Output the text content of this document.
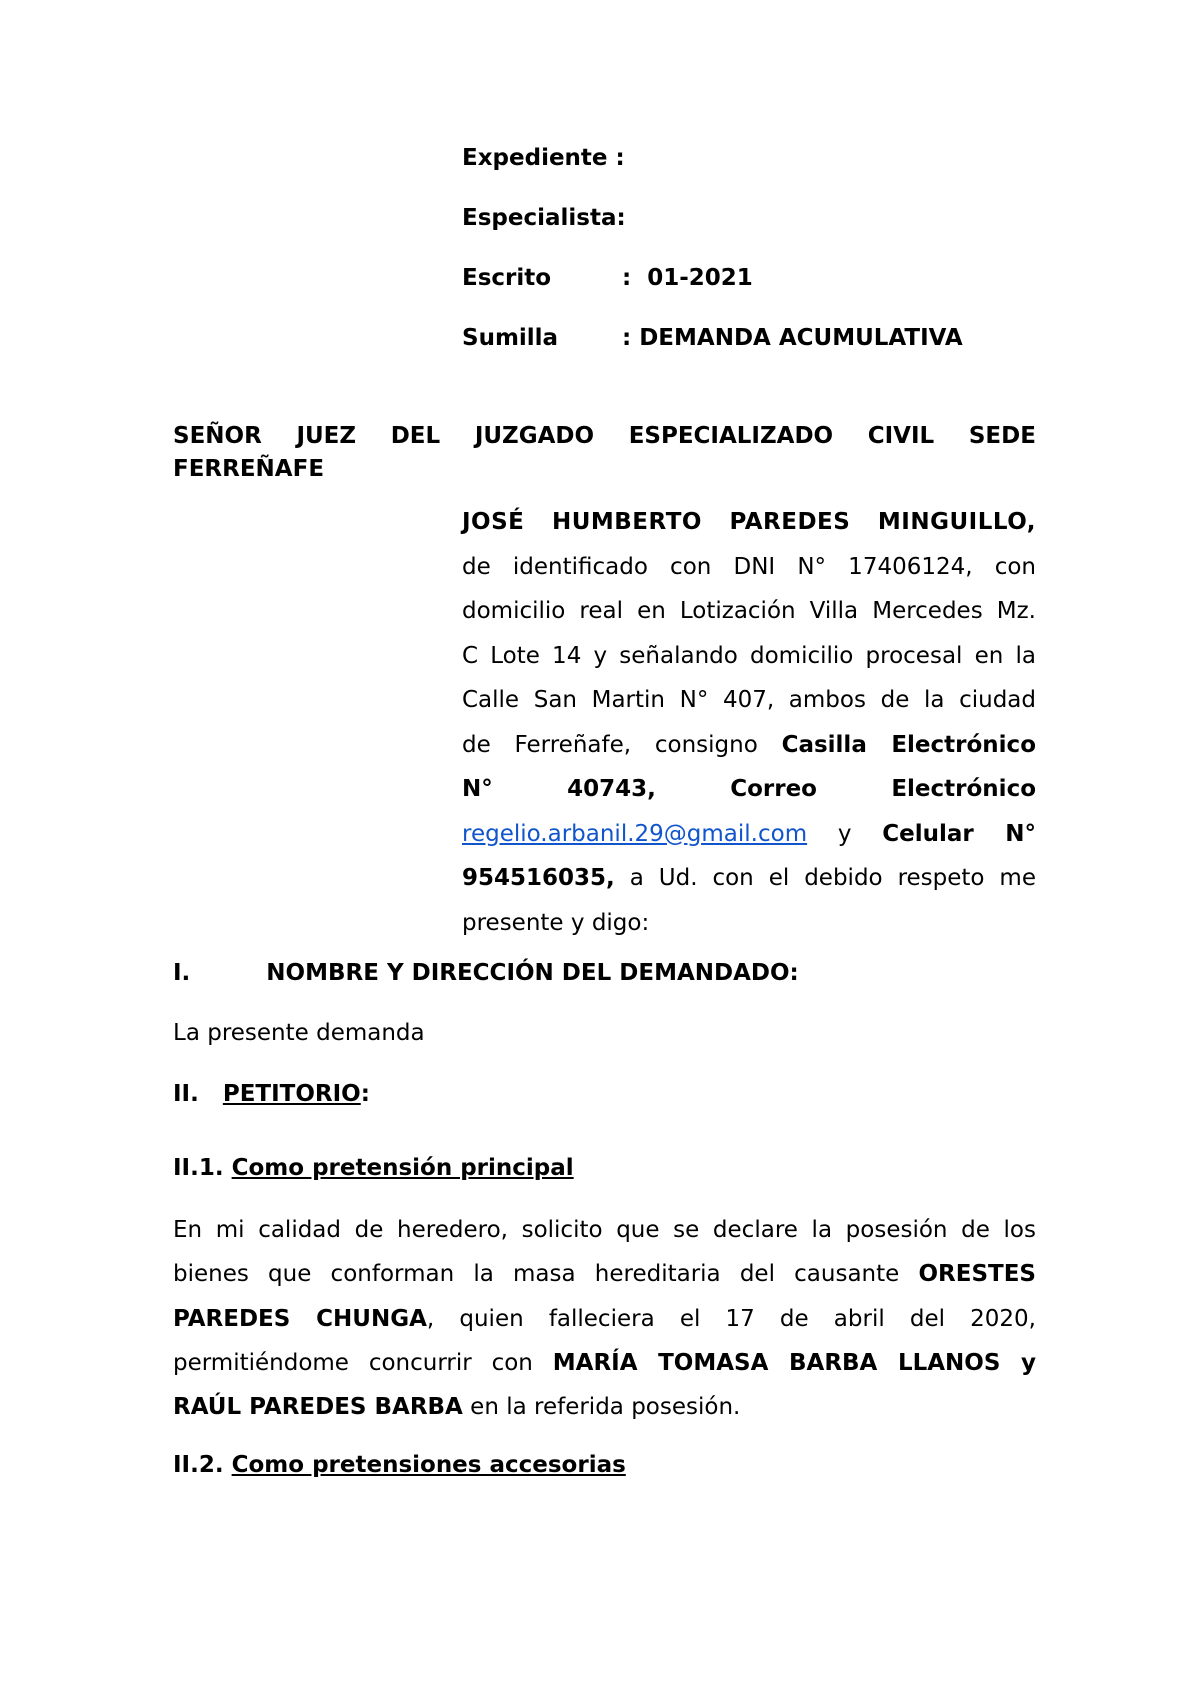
Expediente :
Especialista:
Escrito	:  01-2021
Sumilla	: DEMANDA ACUMULATIVA
SEÑOR JUEZ DEL JUZGADO ESPECIALIZADO CIVIL SEDE
FERREÑAFE
JOSÉ HUMBERTO PAREDES MINGUILLO,
de identificado con DNI N° 17406124, con
domicilio real en Lotización Villa Mercedes Mz.
C Lote 14 y señalando domicilio procesal en la
Calle San Martin N° 407, ambos de la ciudad
de Ferreñafe, consigno Casilla Electrónico
N° 40743, Correo Electrónico
regelio.arbanil.29@gmail.com y Celular N°
954516035, a Ud. con el debido respeto me
presente y digo:
I.	NOMBRE Y DIRECCIÓN DEL DEMANDADO:
La presente demanda
II. PETITORIO:
II.1. Como pretensión principal
En mi calidad de heredero, solicito que se declare la posesión de los
bienes que conforman la masa hereditaria del causante ORESTES
PAREDES CHUNGA, quien falleciera el 17 de abril del 2020,
permitiéndome concurrir con MARÍA TOMASA BARBA LLANOS y
RAÚL PAREDES BARBA en la referida posesión.
II.2. Como pretensiones accesorias
